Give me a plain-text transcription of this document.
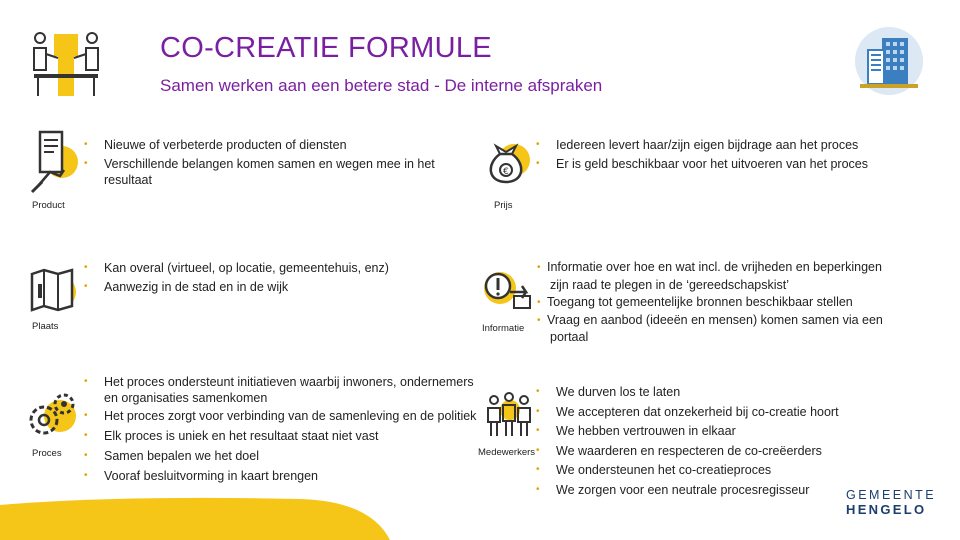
CO-CREATIE FORMULE
Samen werken aan een betere stad - De interne afspraken
Product
• Nieuwe of verbeterde producten of diensten
• Verschillende belangen komen samen en wegen mee in het resultaat
Plaats
• Kan overal (virtueel, op locatie, gemeentehuis, enz)
• Aanwezig in de stad en in de wijk
Proces
• Het proces ondersteunt initiatieven waarbij inwoners, ondernemers en organisaties samenkomen
• Het proces zorgt voor verbinding van de samenleving en de politiek
• Elk proces is uniek en het resultaat staat niet vast
• Samen bepalen we het doel
• Vooraf besluitvorming in kaart brengen
€
Prijs
• Iedereen levert haar/zijn eigen bijdrage aan het proces
• Er is geld beschikbaar voor het uitvoeren van het proces
Informatie
• Informatie over hoe en wat incl. de vrijheden en beperkingen
zijn raad te plegen in de ‘gereedschapskist’
• Toegang tot gemeentelijke bronnen beschikbaar stellen
• Vraag en aanbod (ideeën en mensen) komen samen via een
portaal
Medewerkers
• We durven los te laten
• We accepteren dat onzekerheid bij co-creatie hoort
• We hebben vertrouwen in elkaar
• We waarderen en respecteren de co-creëerders
• We ondersteunen het co-creatieproces
• We zorgen voor een neutrale procesregisseur	GEMEENTE
HENGELO
